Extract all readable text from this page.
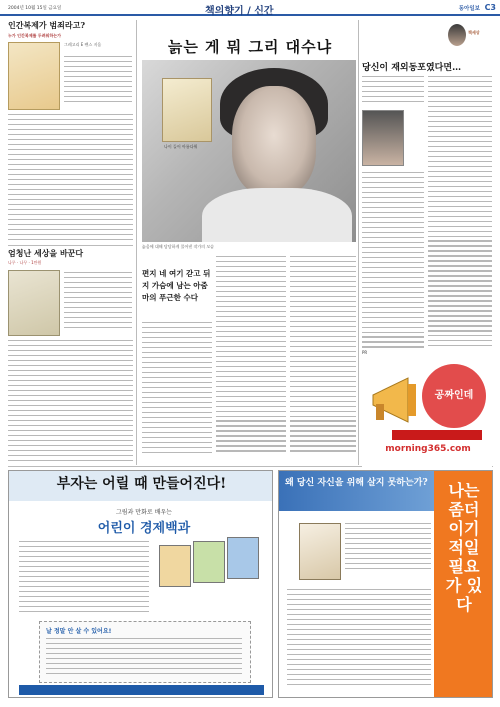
2004년 10월 15일 금요일	책의향기 / 신간	동아일보 C3
인간복제가 범죄라고?
누가 인간복제를 두려워하는가
그레고리 E 펜스 지음
엄청난 세상을 바꾼다
나무 · 나무 · 1만원
늙는 게 뭐 그리 대수냐
나이 들어 아름다워
늙음에 대해 담담하게 풀어낸 작가의 모습
편지 네 여기 갇고 뒤지 가슴에 남는 아줌마의 푸근한 수다
책세상
당신이 재외동포였다면…
PR
공짜인데
morning365.com
부자는 어릴 때 만들어진다!
그림과 만화로 배우는
어린이 경제백과
날 정말 안 살 수 있어요!
왜 당신 자신을 위해 살지 못하는가? 나는 좀더 이기적일 필요가 있다
